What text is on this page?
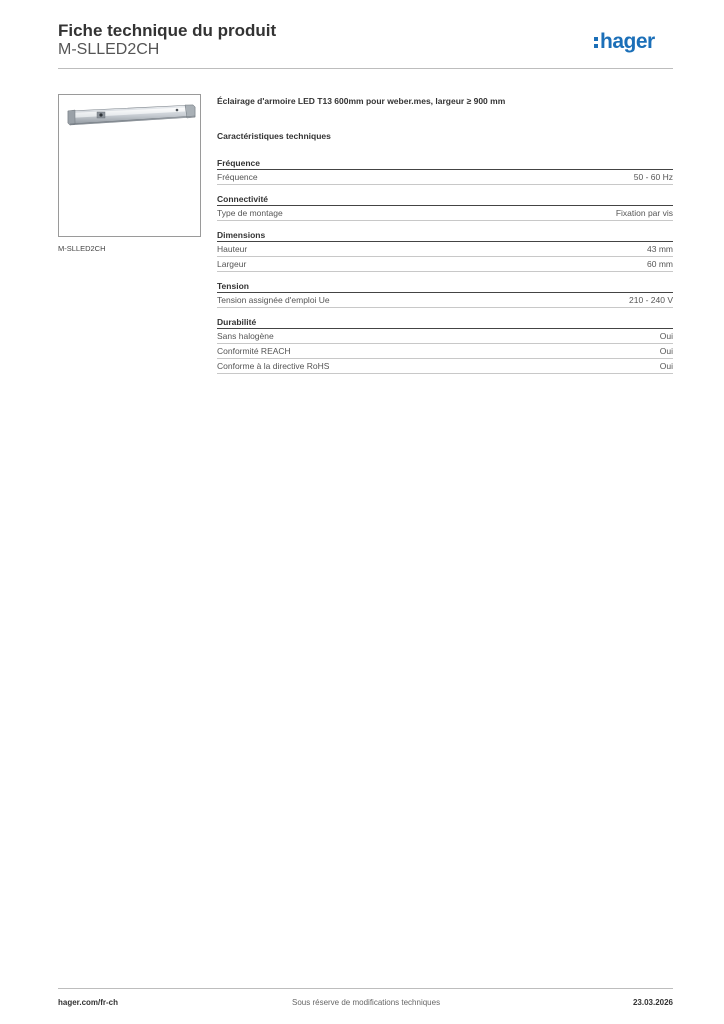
Fiche technique du produit
M-SLLED2CH	hager
M-SLLED2CH
Éclairage d'armoire LED T13 600mm pour weber.mes, largeur ≥ 900 mm
Caractéristiques techniques
Fréquence
Fréquence	50 - 60 Hz
Connectivité
Type de montage	Fixation par vis
Dimensions
Hauteur	43 mm
Largeur	60 mm
Tension
Tension assignée d'emploi Ue	210 - 240 V
Durabilité
Sans halogène	Oui
Conformité REACH	Oui
Conforme à la directive RoHS	Oui
hager.com/fr-ch	Sous réserve de modifications techniques	23.03.2026
